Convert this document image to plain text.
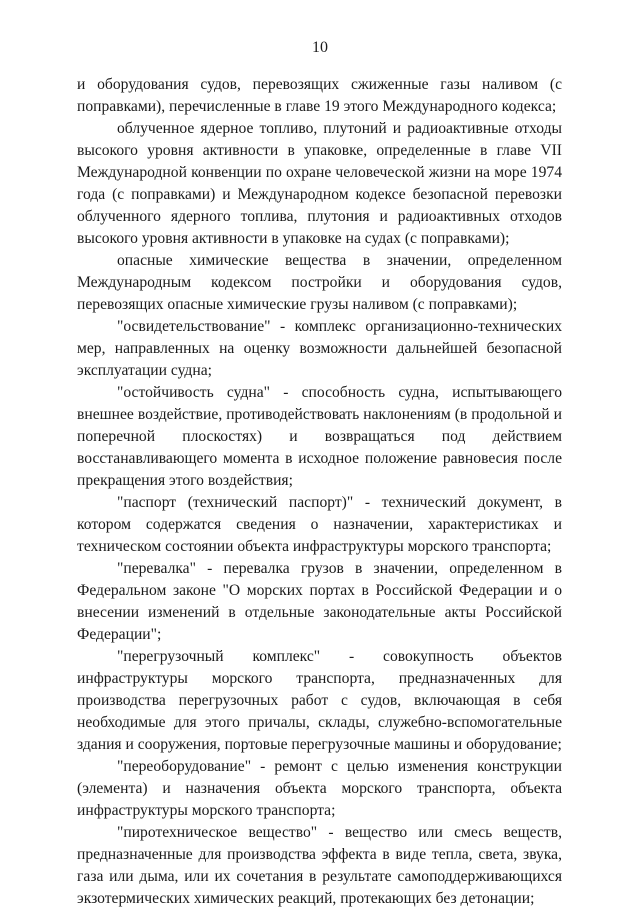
10

и оборудования судов, перевозящих сжиженные газы наливом (с поправками), перечисленные в главе 19 этого Международного кодекса;

облученное ядерное топливо, плутоний и радиоактивные отходы высокого уровня активности в упаковке, определенные в главе VII Международной конвенции по охране человеческой жизни на море 1974 года (с поправками) и Международном кодексе безопасной перевозки облученного ядерного топлива, плутония и радиоактивных отходов высокого уровня активности в упаковке на судах (с поправками);

опасные химические вещества в значении, определенном Международным кодексом постройки и оборудования судов, перевозящих опасные химические грузы наливом (с поправками);

"освидетельствование" - комплекс организационно-технических мер, направленных на оценку возможности дальнейшей безопасной эксплуатации судна;

"остойчивость судна" - способность судна, испытывающего внешнее воздействие, противодействовать наклонениям (в продольной и поперечной плоскостях) и возвращаться под действием восстанавливающего момента в исходное положение равновесия после прекращения этого воздействия;

"паспорт (технический паспорт)" - технический документ, в котором содержатся сведения о назначении, характеристиках и техническом состоянии объекта инфраструктуры морского транспорта;

"перевалка" - перевалка грузов в значении, определенном в Федеральном законе "О морских портах в Российской Федерации и о внесении изменений в отдельные законодательные акты Российской Федерации";

"перегрузочный комплекс" - совокупность объектов инфраструктуры морского транспорта, предназначенных для производства перегрузочных работ с судов, включающая в себя необходимые для этого причалы, склады, служебно-вспомогательные здания и сооружения, портовые перегрузочные машины и оборудование;

"переоборудование" - ремонт с целью изменения конструкции (элемента) и назначения объекта морского транспорта, объекта инфраструктуры морского транспорта;

"пиротехническое вещество" - вещество или смесь веществ, предназначенные для производства эффекта в виде тепла, света, звука, газа или дыма, или их сочетания в результате самоподдерживающихся экзотермических химических реакций, протекающих без детонации;
